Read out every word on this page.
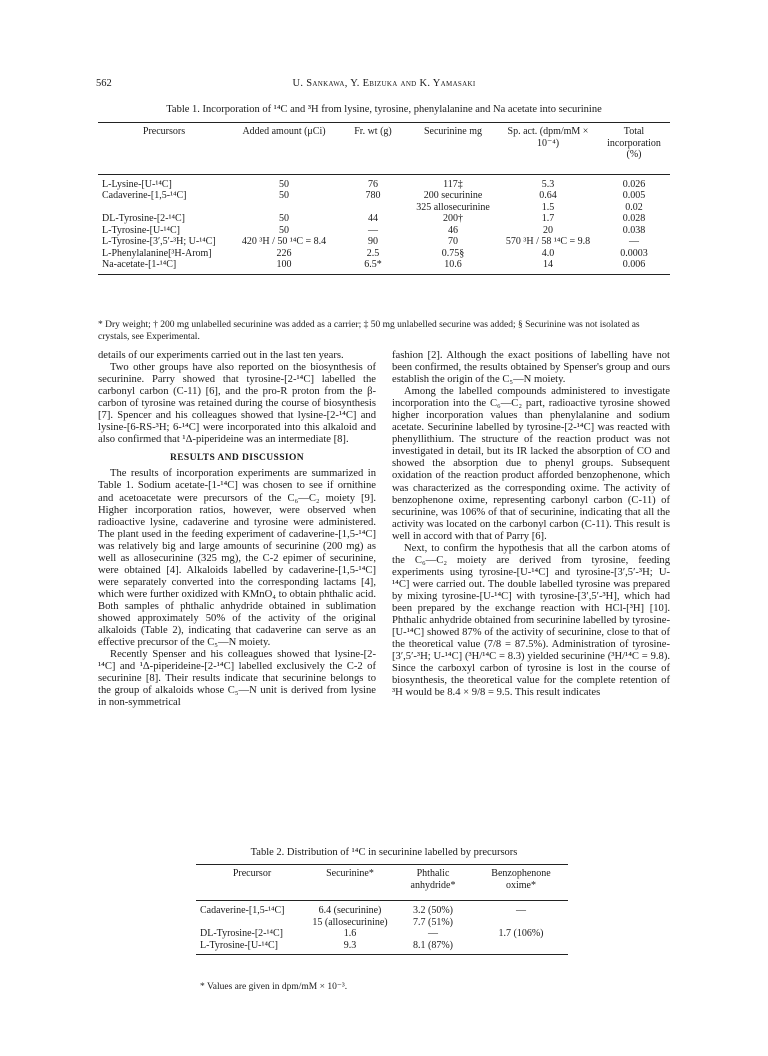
562	U. Sankawa, Y. Ebizuka and K. Yamasaki
Table 1. Incorporation of ¹⁴C and ³H from lysine, tyrosine, phenylalanine and Na acetate into securinine
Precursors	Added amount (μCi)	Fr. wt (g)	Securinine mg	Sp. act. (dpm/mM × 10⁻⁴)	Total incorporation (%)

L-Lysine-[U-¹⁴C]	50	76	117‡	5.3	0.026
Cadaverine-[1,5-¹⁴C]	50	780	200 securinine	0.64	0.005
			325 allosecurinine	1.5	0.02
DL-Tyrosine-[2-¹⁴C]	50	44	200†	1.7	0.028
L-Tyrosine-[U-¹⁴C]	50	—	46	20	0.038
L-Tyrosine-[3′,5′-³H; U-¹⁴C]	420 ³H / 50 ¹⁴C = 8.4	90	70	570 ³H / 58 ¹⁴C = 9.8	—
L-Phenylalanine[³H-Arom]	226	2.5	0.75§	4.0	0.0003
Na-acetate-[1-¹⁴C]	100	6.5*	10.6	14	0.006
* Dry weight; † 200 mg unlabelled securinine was added as a carrier; ‡ 50 mg unlabelled securine was added; § Securinine was not isolated as crystals, see Experimental.

details of our experiments carried out in the last ten years.

Two other groups have also reported on the biosynthesis of securinine. Parry showed that tyrosine-[2-¹⁴C] labelled the carbonyl carbon (C-11) [6], and the pro-R proton from the β-carbon of tyrosine was retained during the course of biosynthesis [7]. Spencer and his colleagues showed that lysine-[2-¹⁴C] and lysine-[6-RS-³H; 6-¹⁴C] were incorporated into this alkaloid and also confirmed that ¹Δ-piperideine was an intermediate [8].

RESULTS AND DISCUSSION

The results of incorporation experiments are summarized in Table 1. Sodium acetate-[1-¹⁴C] was chosen to see if ornithine and acetoacetate were precursors of the C₆—C₂ moiety [9]. Higher incorporation ratios, however, were observed when radioactive lysine, cadaverine and tyrosine were administered. The plant used in the feeding experiment of cadaverine-[1,5-¹⁴C] was relatively big and large amounts of securinine (200 mg) as well as allosecurinine (325 mg), the C-2 epimer of securinine, were obtained [4]. Alkaloids labelled by cadaverine-[1,5-¹⁴C] were separately converted into the corresponding lactams [4], which were further oxidized with KMnO₄ to obtain phthalic acid. Both samples of phthalic anhydride obtained in sublimation showed approximately 50% of the activity of the original alkaloids (Table 2), indicating that cadaverine can serve as an effective precursor of the C₅—N moiety.

Recently Spenser and his colleagues showed that lysine-[2-¹⁴C] and ¹Δ-piperideine-[2-¹⁴C] labelled exclusively the C-2 of securinine [8]. Their results indicate that securinine belongs to the group of alkaloids whose C₅—N unit is derived from lysine in non-symmetrical

fashion [2]. Although the exact positions of labelling have not been confirmed, the results obtained by Spenser's group and ours establish the origin of the C₅—N moiety.

Among the labelled compounds administered to investigate incorporation into the C₆—C₂ part, radioactive tyrosine showed higher incorporation values than phenylalanine and sodium acetate. Securinine labelled by tyrosine-[2-¹⁴C] was reacted with phenyllithium. The structure of the reaction product was not investigated in detail, but its IR lacked the absorption of CO and showed the absorption due to phenyl groups. Subsequent oxidation of the reaction product afforded benzophenone, which was characterized as the corresponding oxime. The activity of benzophenone oxime, representing carbonyl carbon (C-11) of securinine, was 106% of that of securinine, indicating that all the activity was located on the carbonyl carbon (C-11). This result is well in accord with that of Parry [6].

Next, to confirm the hypothesis that all the carbon atoms of the C₆—C₂ moiety are derived from tyrosine, feeding experiments using tyrosine-[U-¹⁴C] and tyrosine-[3′,5′-³H; U-¹⁴C] were carried out. The double labelled tyrosine was prepared by mixing tyrosine-[U-¹⁴C] with tyrosine-[3′,5′-³H], which had been prepared by the exchange reaction with HCl-[³H] [10]. Phthalic anhydride obtained from securinine labelled by tyrosine-[U-¹⁴C] showed 87% of the activity of securinine, close to that of the theoretical value (7/8 = 87.5%). Administration of tyrosine-[3′,5′-³H; U-¹⁴C] (³H/¹⁴C = 8.3) yielded securinine (³H/¹⁴C = 9.8). Since the carboxyl carbon of tyrosine is lost in the course of biosynthesis, the theoretical value for the complete retention of ³H would be 8.4 × 9/8 = 9.5. This result indicates

Table 2. Distribution of ¹⁴C in securinine labelled by precursors
Precursor	Securinine*	Phthalic anhydride*	Benzophenone oxime*

Cadaverine-[1,5-¹⁴C]	6.4 (securinine)	3.2 (50%)	—
	15 (allosecurinine)	7.7 (51%)	
DL-Tyrosine-[2-¹⁴C]	1.6	—	1.7 (106%)
L-Tyrosine-[U-¹⁴C]	9.3	8.1 (87%)	
* Values are given in dpm/mM × 10⁻³.
